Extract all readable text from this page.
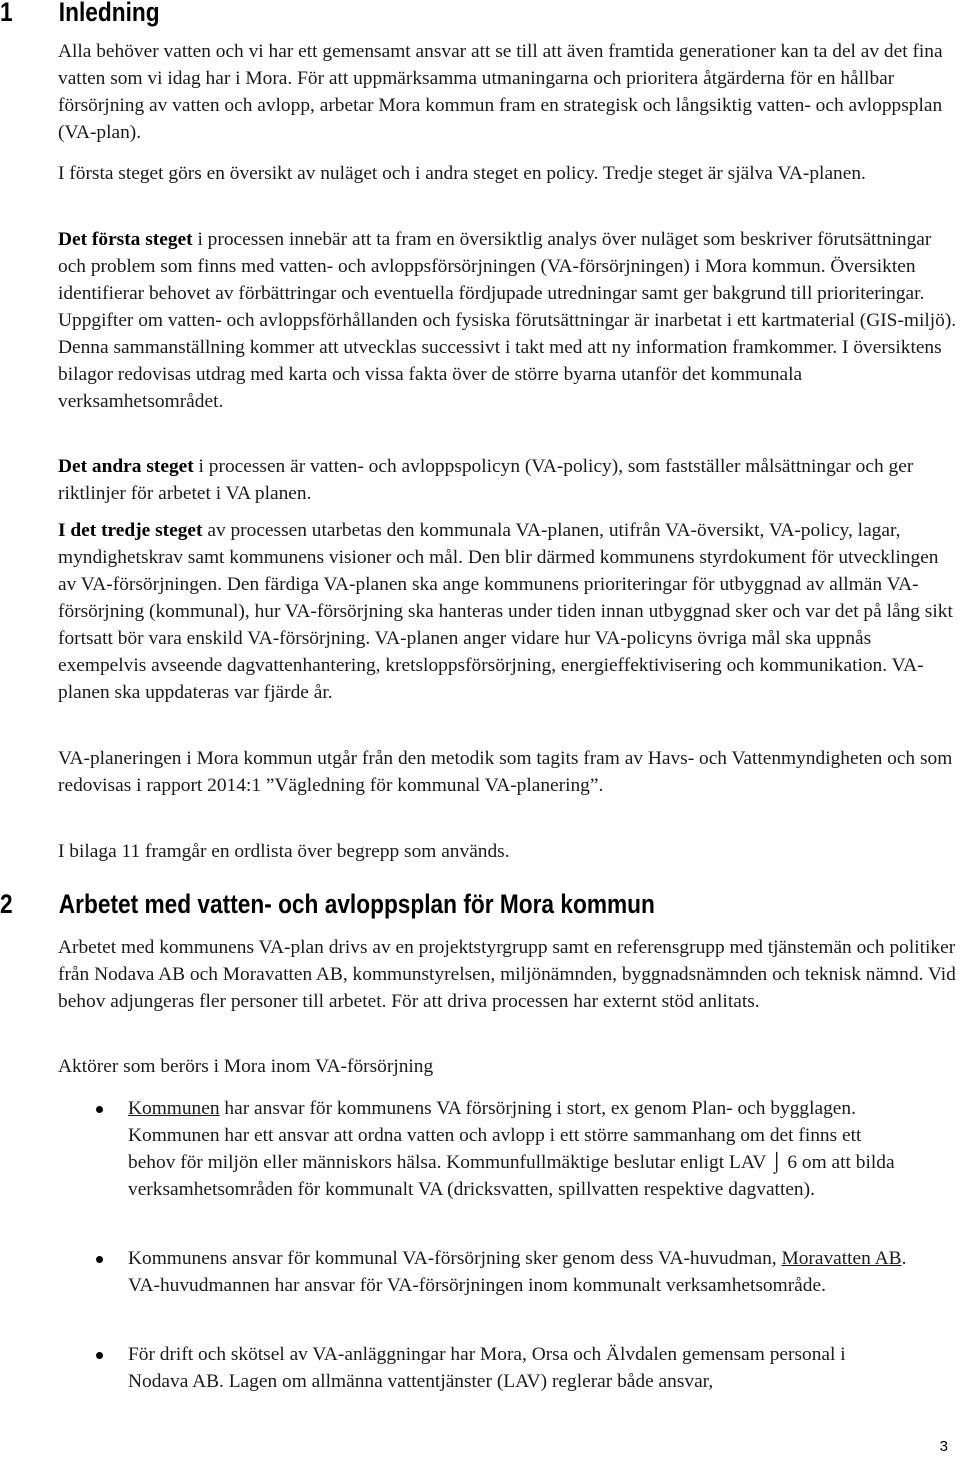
1 Inledning

Alla behöver vatten och vi har ett gemensamt ansvar att se till att även framtida generationer kan ta del av det fina vatten som vi idag har i Mora. För att uppmärksamma utmaningarna och prioritera åtgärderna för en hållbar försörjning av vatten och avlopp, arbetar Mora kommun fram en strategisk och långsiktig vatten- och avloppsplan (VA-plan).

I första steget görs en översikt av nuläget och i andra steget en policy. Tredje steget är själva VA-planen.

Det första steget i processen innebär att ta fram en översiktlig analys över nuläget som beskriver förutsättningar och problem som finns med vatten- och avloppsförsörjningen (VA-försörjningen) i Mora kommun. Översikten identifierar behovet av förbättringar och eventuella fördjupade utredningar samt ger bakgrund till prioriteringar. Uppgifter om vatten- och avloppsförhållanden och fysiska förutsättningar är inarbetat i ett kartmaterial (GIS-miljö). Denna sammanställning kommer att utvecklas successivt i takt med att ny information framkommer. I översiktens bilagor redovisas utdrag med karta och vissa fakta över de större byarna utanför det kommunala verksamhetsområdet.

Det andra steget i processen är vatten- och avloppspolicyn (VA-policy), som fastställer målsättningar och ger riktlinjer för arbetet i VA planen.

I det tredje steget av processen utarbetas den kommunala VA-planen, utifrån VA-översikt, VA-policy, lagar, myndighetskrav samt kommunens visioner och mål. Den blir därmed kommunens styrdokument för utvecklingen av VA-försörjningen. Den färdiga VA-planen ska ange kommunens prioriteringar för utbyggnad av allmän VA-försörjning (kommunal), hur VA-försörjning ska hanteras under tiden innan utbyggnad sker och var det på lång sikt fortsatt bör vara enskild VA-försörjning. VA-planen anger vidare hur VA-policyns övriga mål ska uppnås exempelvis avseende dagvattenhantering, kretsloppsförsörjning, energieffektivisering och kommunikation. VA-planen ska uppdateras var fjärde år.

VA-planeringen i Mora kommun utgår från den metodik som tagits fram av Havs- och Vattenmyndigheten och som redovisas i rapport 2014:1 ”Vägledning för kommunal VA-planering”.

I bilaga 11 framgår en ordlista över begrepp som används.

2 Arbetet med vatten- och avloppsplan för Mora kommun

Arbetet med kommunens VA-plan drivs av en projektstyrgrupp samt en referensgrupp med tjänstemän och politiker från Nodava AB och Moravatten AB, kommunstyrelsen, miljönämnden, byggnadsnämnden och teknisk nämnd. Vid behov adjungeras fler personer till arbetet. För att driva processen har externt stöd anlitats.

Aktörer som berörs i Mora inom VA-försörjning

Kommunen har ansvar för kommunens VA försörjning i stort, ex genom Plan- och bygglagen. Kommunen har ett ansvar att ordna vatten och avlopp i ett större sammanhang om det finns ett behov för miljön eller människors hälsa. Kommunfullmäktige beslutar enligt LAV ⌡ 6 om att bilda verksamhetsområden för kommunalt VA (dricksvatten, spillvatten respektive dagvatten).
Kommunens ansvar för kommunal VA-försörjning sker genom dess VA-huvudman, Moravatten AB. VA-huvudmannen har ansvar för VA-försörjningen inom kommunalt verksamhetsområde.
För drift och skötsel av VA-anläggningar har Mora, Orsa och Älvdalen gemensam personal i Nodava AB. Lagen om allmänna vattentjänster (LAV) reglerar både ansvar,
3
